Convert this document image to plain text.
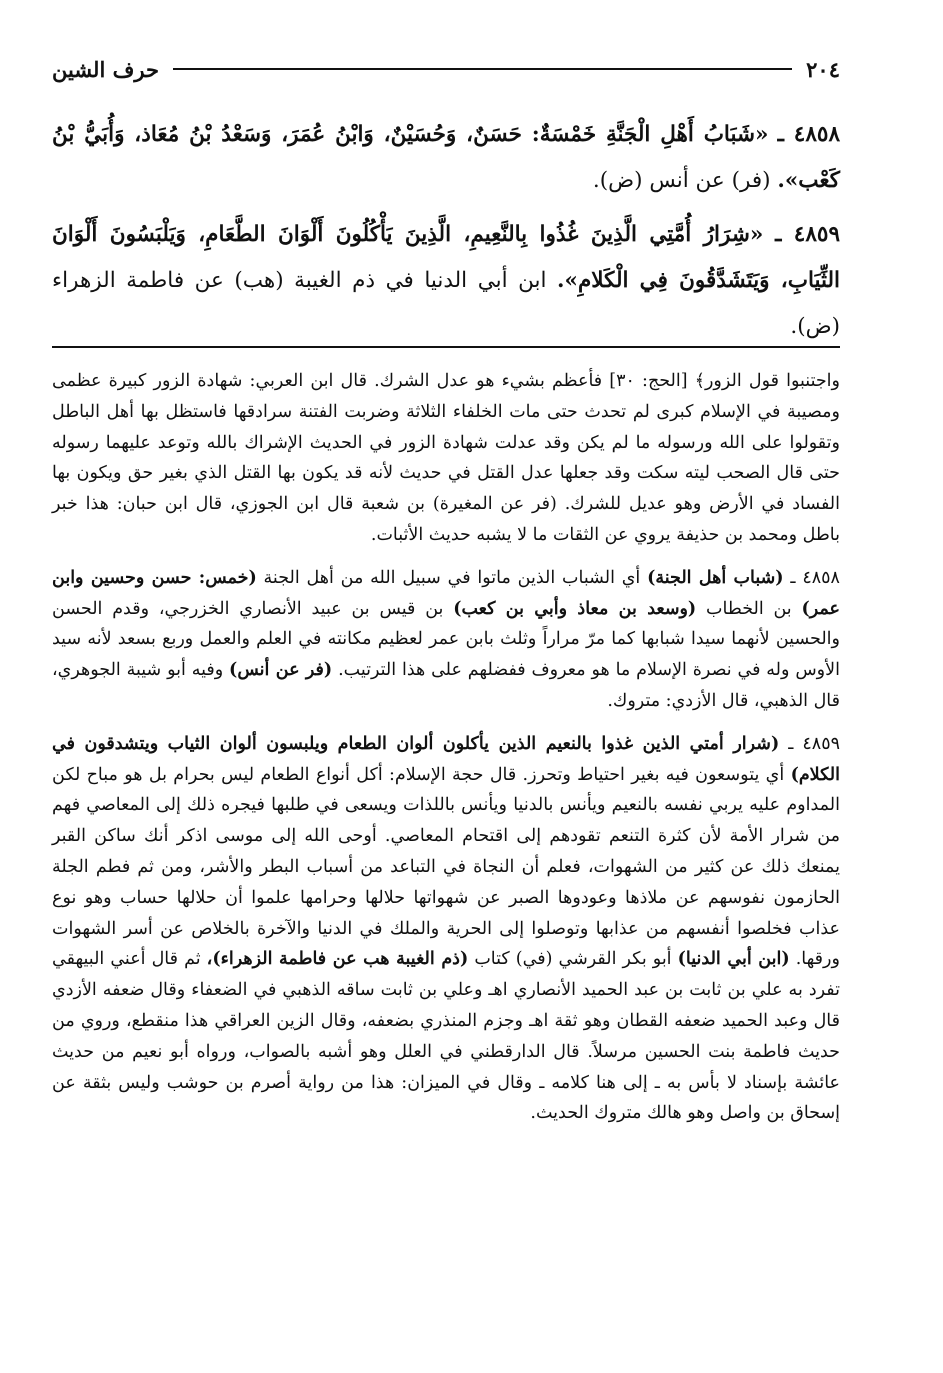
٢٠٤
حرف الشين

٤٨٥٨ ـ «شَبَابُ أَهْلِ الْجَنَّةِ خَمْسَةٌ: حَسَنٌ، وَحُسَيْنٌ، وَابْنُ عُمَرَ، وَسَعْدُ بْنُ مُعَاذ، وَأُبَيُّ بْنُ كَعْب». (فر) عن أنس (ض).

٤٨٥٩ ـ «شِرَارُ أُمَّتِي الَّذِينَ غُذُوا بِالنَّعِيمِ، الَّذِينَ يَأْكُلُونَ أَلْوَانَ الطَّعَامِ، وَيَلْبَسُونَ أَلْوَانَ الثِّيَابِ، وَيَتَشَدَّقُونَ فِي الْكَلامِ». ابن أبي الدنيا في ذم الغيبة (هب) عن فاطمة الزهراء (ض).

واجتنبوا قول الزور﴾ [الحج: ٣٠] فأعظم بشيء هو عدل الشرك. قال ابن العربي: شهادة الزور كبيرة عظمى ومصيبة في الإسلام كبرى لم تحدث حتى مات الخلفاء الثلاثة وضربت الفتنة سرادقها فاستظل بها أهل الباطل وتقولوا على الله ورسوله ما لم يكن وقد عدلت شهادة الزور في الحديث الإشراك بالله وتوعد عليهما رسوله حتى قال الصحب ليته سكت وقد جعلها عدل القتل في حديث لأنه قد يكون بها القتل الذي بغير حق ويكون بها الفساد في الأرض وهو عديل للشرك. (فر عن المغيرة) بن شعبة قال ابن الجوزي، قال ابن حبان: هذا خبر باطل ومحمد بن حذيفة يروي عن الثقات ما لا يشبه حديث الأثبات.

٤٨٥٨ ـ (شباب أهل الجنة) أي الشباب الذين ماتوا في سبيل الله من أهل الجنة (خمس: حسن وحسين وابن عمر) بن الخطاب (وسعد بن معاذ وأبي بن كعب) بن قيس بن عبيد الأنصاري الخزرجي، وقدم الحسن والحسين لأنهما سيدا شبابها كما مرّ مراراً وثلث بابن عمر لعظيم مكانته في العلم والعمل وربع بسعد لأنه سيد الأوس وله في نصرة الإسلام ما هو معروف ففضلهم على هذا الترتيب. (فر عن أنس) وفيه أبو شيبة الجوهري، قال الذهبي، قال الأزدي: متروك.

٤٨٥٩ ـ (شرار أمتي الذين غذوا بالنعيم الذين يأكلون ألوان الطعام ويلبسون ألوان الثياب ويتشدقون في الكلام) أي يتوسعون فيه بغير احتياط وتحرز. قال حجة الإسلام: أكل أنواع الطعام ليس بحرام بل هو مباح لكن المداوم عليه يربي نفسه بالنعيم ويأنس بالدنيا ويأنس باللذات ويسعى في طلبها فيجره ذلك إلى المعاصي فهم من شرار الأمة لأن كثرة التنعم تقودهم إلى اقتحام المعاصي. أوحى الله إلى موسى اذكر أنك ساكن القبر يمنعك ذلك عن كثير من الشهوات، فعلم أن النجاة في التباعد من أسباب البطر والأشر، ومن ثم فطم الجلة الحازمون نفوسهم عن ملاذها وعودوها الصبر عن شهواتها حلالها وحرامها علموا أن حلالها حساب وهو نوع عذاب فخلصوا أنفسهم من عذابها وتوصلوا إلى الحرية والملك في الدنيا والآخرة بالخلاص عن أسر الشهوات ورقها. (ابن أبي الدنيا) أبو بكر القرشي (في) كتاب (ذم الغيبة هب عن فاطمة الزهراء)، ثم قال أعني البيهقي تفرد به علي بن ثابت بن عبد الحميد الأنصاري اهـ وعلي بن ثابت ساقه الذهبي في الضعفاء وقال ضعفه الأزدي قال وعبد الحميد ضعفه القطان وهو ثقة اهـ وجزم المنذري بضعفه، وقال الزين العراقي هذا منقطع، وروي من حديث فاطمة بنت الحسين مرسلاً. قال الدارقطني في العلل وهو أشبه بالصواب، ورواه أبو نعيم من حديث عائشة بإسناد لا بأس به ـ إلى هنا كلامه ـ وقال في الميزان: هذا من رواية أصرم بن حوشب وليس بثقة عن إسحاق بن واصل وهو هالك متروك الحديث.
